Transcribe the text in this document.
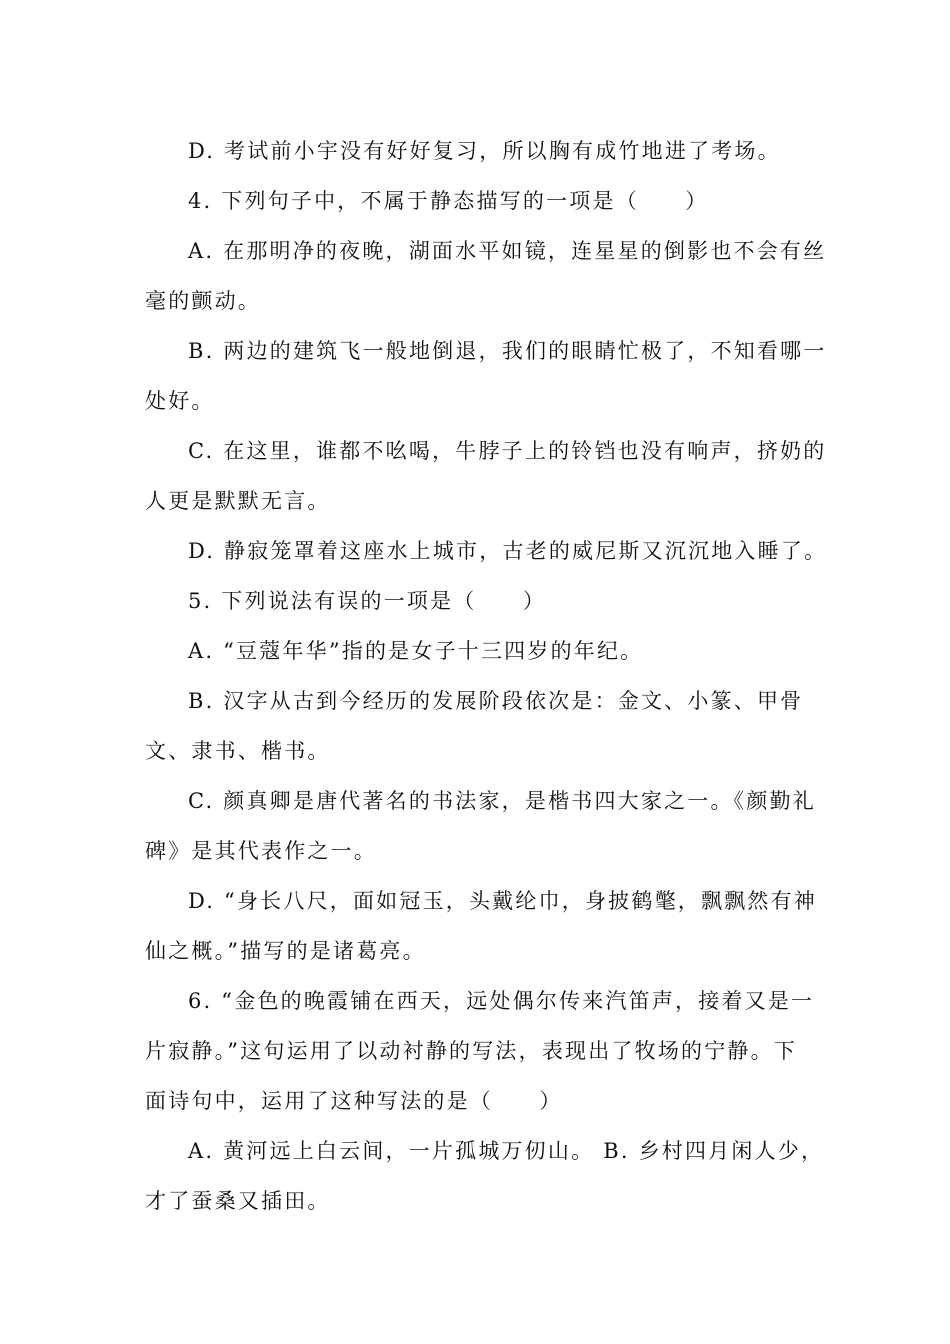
D. 考试前小宇没有好好复习，所以胸有成竹地进了考场。
4. 下列句子中，不属于静态描写的一项是（　　）
A. 在那明净的夜晚，湖面水平如镜，连星星的倒影也不会有丝
毫的颤动。
B. 两边的建筑飞一般地倒退，我们的眼睛忙极了，不知看哪一
处好。
C. 在这里，谁都不吆喝，牛脖子上的铃铛也没有响声，挤奶的
人更是默默无言。
D. 静寂笼罩着这座水上城市，古老的威尼斯又沉沉地入睡了。
5. 下列说法有误的一项是（　　）
A. “豆蔻年华”指的是女子十三四岁的年纪。
B. 汉字从古到今经历的发展阶段依次是：金文、小篆、甲骨
文、隶书、楷书。
C. 颜真卿是唐代著名的书法家，是楷书四大家之一。《颜勤礼
碑》是其代表作之一。
D. “身长八尺，面如冠玉，头戴纶巾，身披鹤氅，飘飘然有神
仙之概。”描写的是诸葛亮。
6. “金色的晚霞铺在西天，远处偶尔传来汽笛声，接着又是一
片寂静。”这句运用了以动衬静的写法，表现出了牧场的宁静。下
面诗句中，运用了这种写法的是（　　）
A. 黄河远上白云间，一片孤城万仞山。 B. 乡村四月闲人少，
才了蚕桑又插田。
